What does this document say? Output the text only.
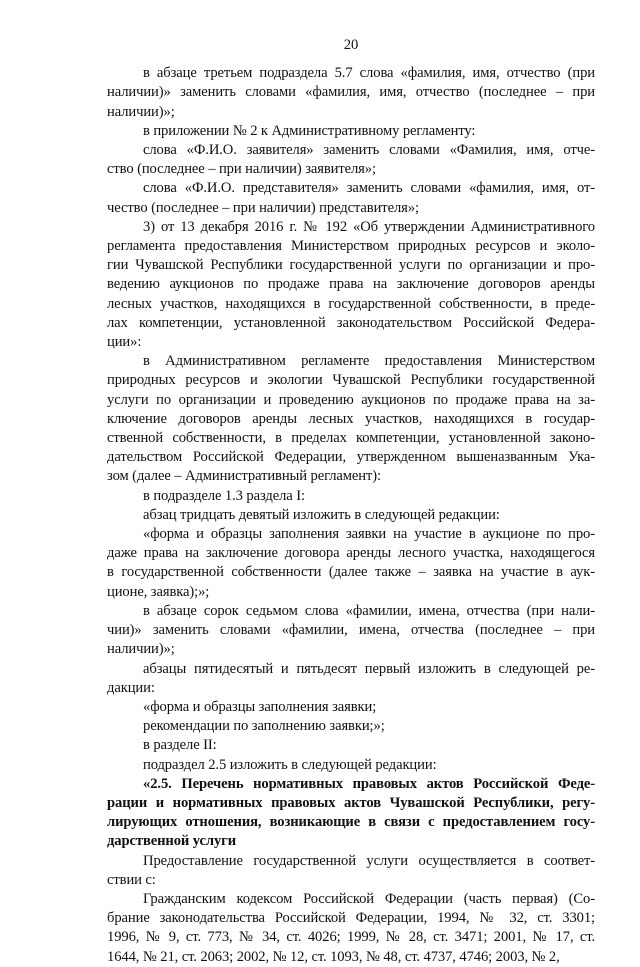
20
в абзаце третьем подраздела 5.7 слова «фамилия, имя, отчество (при
наличии)» заменить словами «фамилия, имя, отчество (последнее – при
наличии)»;
в приложении № 2 к Административному регламенту:
слова «Ф.И.О. заявителя» заменить словами «Фамилия, имя, отче-
ство (последнее – при наличии) заявителя»;
слова «Ф.И.О. представителя» заменить словами «фамилия, имя, от-
чество (последнее – при наличии) представителя»;
3) от 13 декабря 2016 г. № 192 «Об утверждении Административного
регламента предоставления Министерством природных ресурсов и эколо-
гии Чувашской Республики государственной услуги по организации и про-
ведению аукционов по продаже права на заключение договоров аренды
лесных участков, находящихся в государственной собственности, в преде-
лах компетенции, установленной законодательством Российской Федера-
ции»:
в Административном регламенте предоставления Министерством
природных ресурсов и экологии Чувашской Республики государственной
услуги по организации и проведению аукционов по продаже права на за-
ключение договоров аренды лесных участков, находящихся в государ-
ственной собственности, в пределах компетенции, установленной законо-
дательством Российской Федерации, утвержденном вышеназванным Ука-
зом (далее – Административный регламент):
в подразделе 1.3 раздела I:
абзац тридцать девятый изложить в следующей редакции:
«форма и образцы заполнения заявки на участие в аукционе по про-
даже права на заключение договора аренды лесного участка, находящегося
в государственной собственности (далее также – заявка на участие в аук-
ционе, заявка);»;
в абзаце сорок седьмом слова «фамилии, имена, отчества (при нали-
чии)» заменить словами «фамилии, имена, отчества (последнее – при
наличии)»;
абзацы пятидесятый и пятьдесят первый изложить в следующей ре-
дакции:
«форма и образцы заполнения заявки;
рекомендации по заполнению заявки;»;
в разделе II:
подраздел 2.5 изложить в следующей редакции:
«2.5. Перечень нормативных правовых актов Российской Феде-
рации и нормативных правовых актов Чувашской Республики, регу-
лирующих отношения, возникающие в связи с предоставлением госу-
дарственной услуги
Предоставление государственной услуги осуществляется в соответ-
ствии с:
Гражданским кодексом Российской Федерации (часть первая) (Со-
брание законодательства Российской Федерации, 1994, № 32, ст. 3301;
1996, № 9, ст. 773, № 34, ст. 4026; 1999, № 28, ст. 3471; 2001, № 17, ст.
1644, № 21, ст. 2063; 2002, № 12, ст. 1093, № 48, ст. 4737, 4746; 2003, № 2,
